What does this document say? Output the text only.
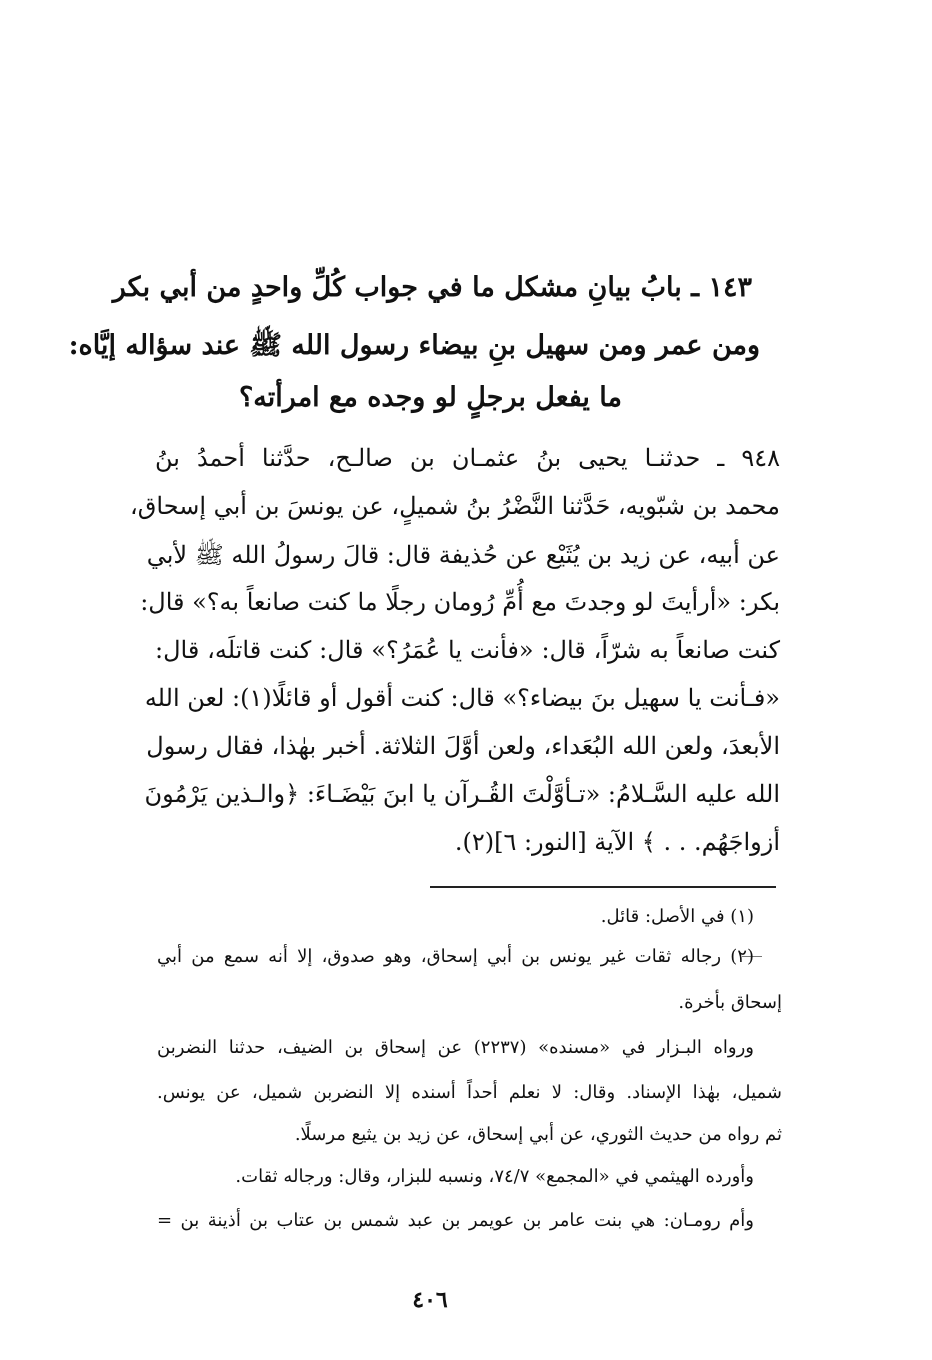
١٤٣ ـ بابُ بيانِ مشكل ما في جواب كُلِّ واحدٍ من أبي بكر
ومن عمر ومن سهيل بنِ بيضاء رسول الله ﷺ عند سؤاله إيَّاه:
ما يفعل برجلٍ لو وجده مع امرأته؟
٩٤٨ ـ حدثنـا يحيى بنُ عثمـان بن صالـح، حدَّثنا أحمدُ بنُ
محمد بن شبّويه، حَدَّثنا النَّضْرُ بنُ شميلٍ، عن يونسَ بن أبي إسحاق،
عن أبيه، عن زيد بن يُثَيْع عن حُذيفة قال: قالَ رسولُ الله ﷺ لأبي
بكر: «أرأيتَ لو وجدتَ مع أُمِّ رُومان رجلًا ما كنت صانعاً به؟» قال:
كنت صانعاً به شرّاً، قال: «فأنت يا عُمَرُ؟» قال: كنت قاتلَه، قال:
«فـأنت يا سهيل بنَ بيضاء؟» قال: كنت أقول أو قائلًا(١): لعن الله
الأبعدَ، ولعن الله البُعَداء، ولعن أوَّلَ الثلاثة. أخبر بهٰذا، فقال رسول
الله عليه السَّـلامُ: «تـأوَّلْتَ القُـرآن يا ابنَ بَيْضَـاءَ: ﴿والـذين يَرْمُونَ
أزواجَهُم. . . ﴾ الآية [النور: ٦](٢).
(١) في الأصل: قائل.
(٢) رجاله ثقات غير يونس بن أبي إسحاق، وهو صدوق، إلا أنه سمع من أبي
إسحاق بأخرة.
ورواه البـزار في «مسنده» (٢٢٣٧) عن إسحاق بن الضيف، حدثنا النضربن
شميل، بهٰذا الإسناد. وقال: لا نعلم أحداً أسنده إلا النضربن شميل، عن يونس.
ثم رواه من حديث الثوري، عن أبي إسحاق، عن زيد بن يثيع مرسلًا.
وأورده الهيثمي في «المجمع» ٧٤/٧، ونسبه للبزار، وقال: ورجاله ثقات.
وأم رومـان: هي بنت عامر بن عويمر بن عبد شمس بن عتاب بن أذينة بن =
٤٠٦
